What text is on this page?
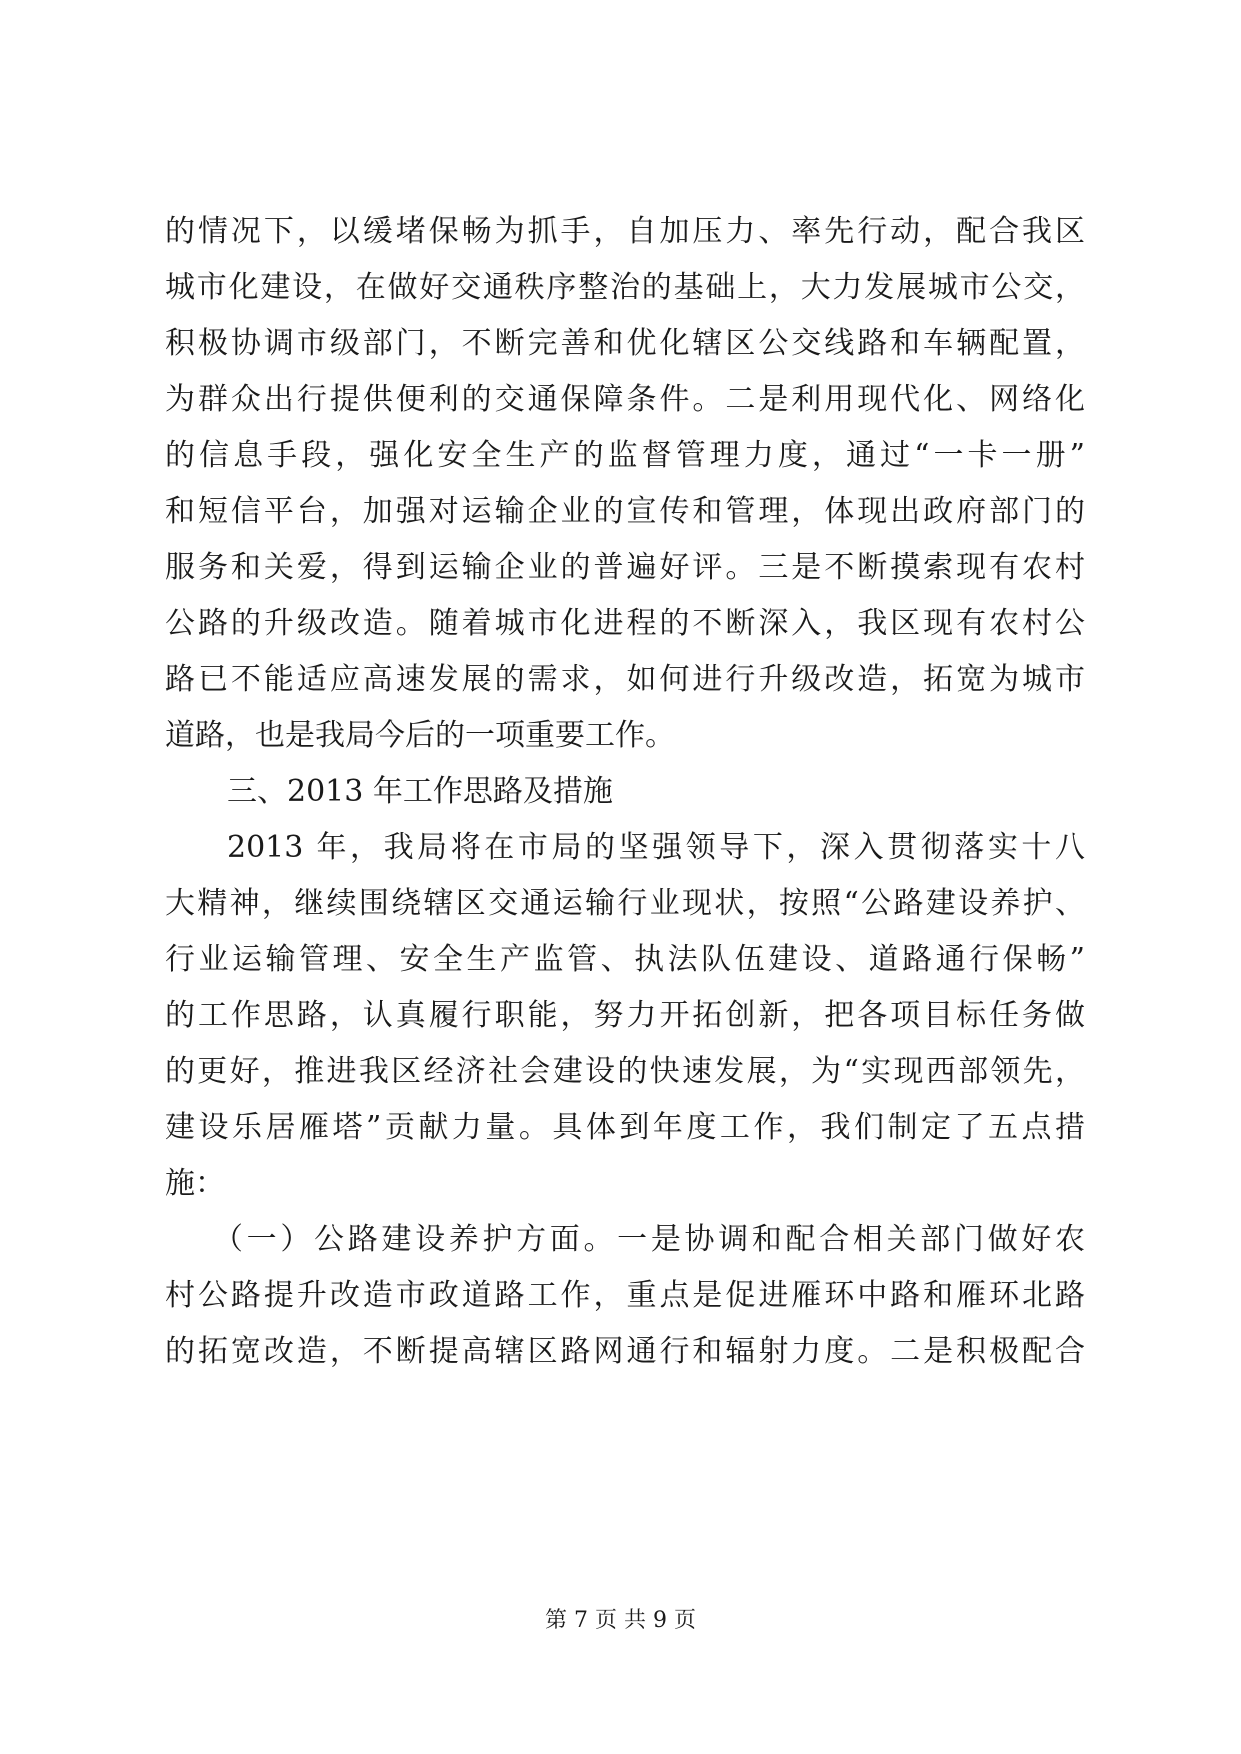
的情况下，以缓堵保畅为抓手，自加压力、率先行动，配合我区
城市化建设，在做好交通秩序整治的基础上，大力发展城市公交，
积极协调市级部门，不断完善和优化辖区公交线路和车辆配置，
为群众出行提供便利的交通保障条件。二是利用现代化、网络化
的信息手段，强化安全生产的监督管理力度，通过“一卡一册”
和短信平台，加强对运输企业的宣传和管理，体现出政府部门的
服务和关爱，得到运输企业的普遍好评。三是不断摸索现有农村
公路的升级改造。随着城市化进程的不断深入，我区现有农村公
路已不能适应高速发展的需求，如何进行升级改造，拓宽为城市
道路，也是我局今后的一项重要工作。
三、2013 年工作思路及措施
2013 年，我局将在市局的坚强领导下，深入贯彻落实十八
大精神，继续围绕辖区交通运输行业现状，按照“公路建设养护、
行业运输管理、安全生产监管、执法队伍建设、道路通行保畅”
的工作思路，认真履行职能，努力开拓创新，把各项目标任务做
的更好，推进我区经济社会建设的快速发展，为“实现西部领先，
建设乐居雁塔”贡献力量。具体到年度工作，我们制定了五点措
施：
（一）公路建设养护方面。一是协调和配合相关部门做好农
村公路提升改造市政道路工作，重点是促进雁环中路和雁环北路
的拓宽改造，不断提高辖区路网通行和辐射力度。二是积极配合
第 7 页 共 9 页
